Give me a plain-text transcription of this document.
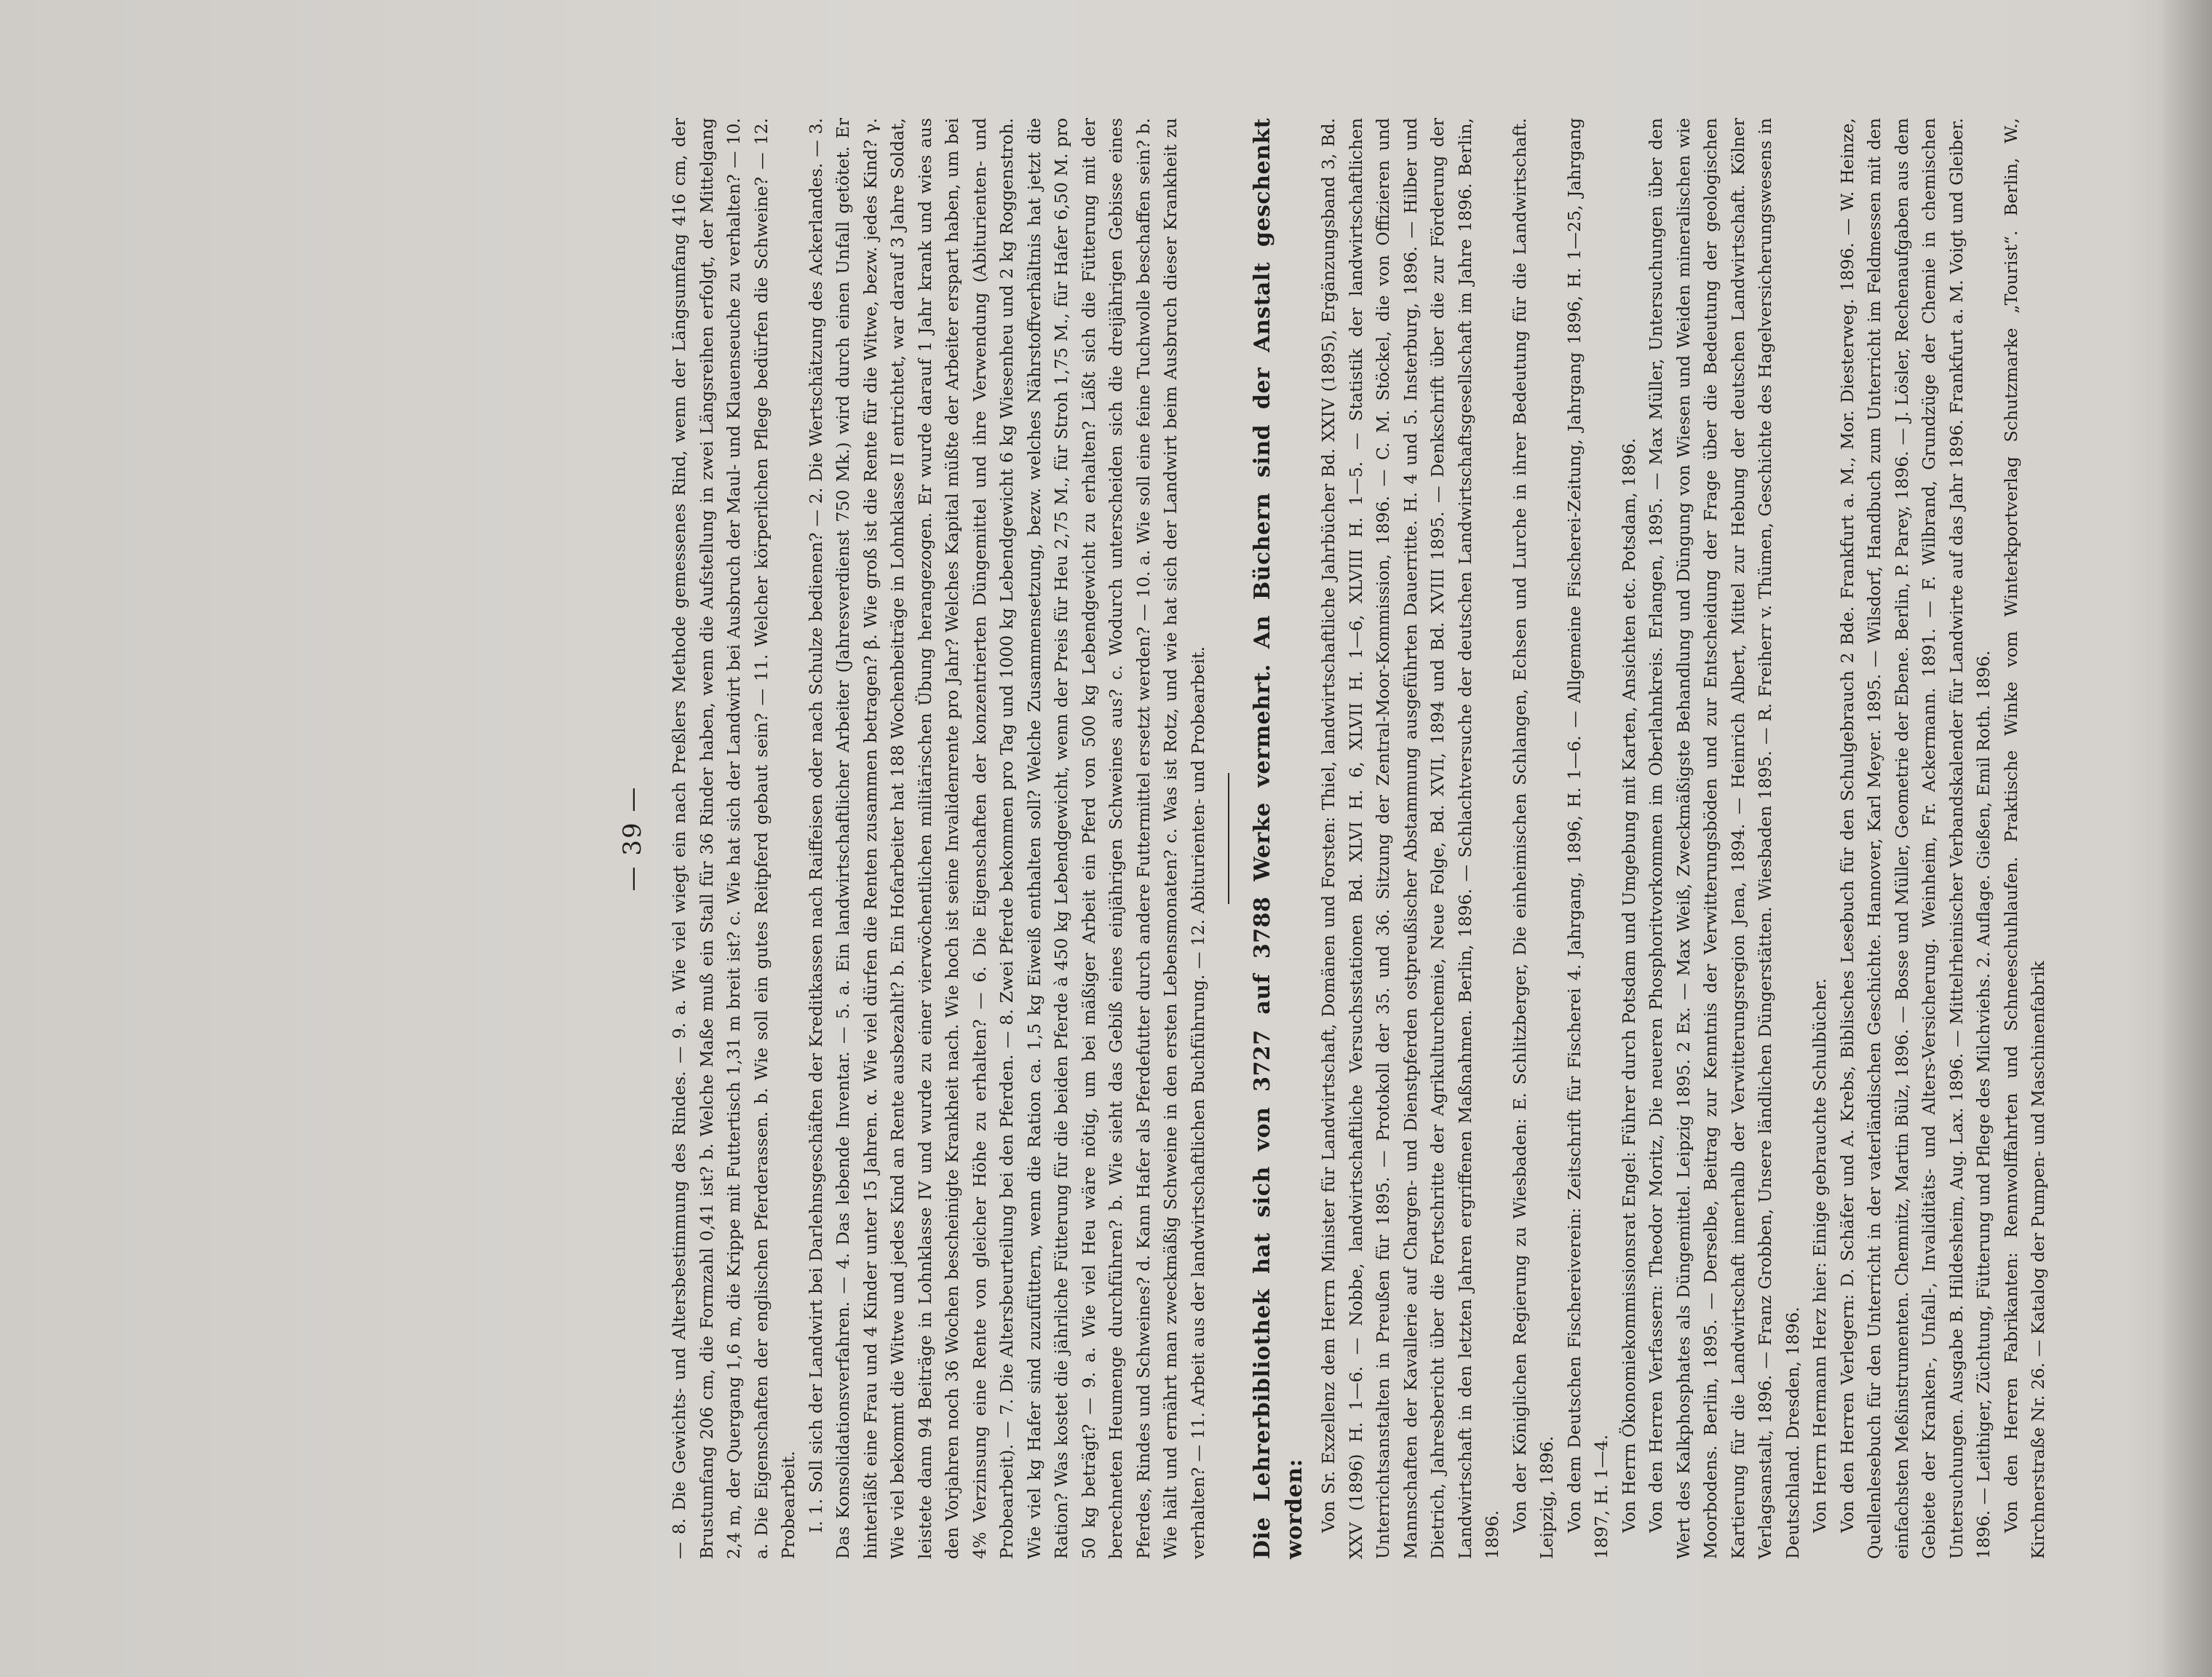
— 39 — — 8. Die Gewichts- und Altersbestimmung des Rindes. — 9. a. Wie viel wiegt ein nach Preßlers Methode gemessenes Rind, wenn der Längsumfang 416 cm, der Brustumfang 206 cm, die Formzahl 0,41 ist? b. Welche Maße muß ein Stall für 36 Rinder haben, wenn die Aufstellung in zwei Längsreihen erfolgt, der Mittelgang 2,4 m, der Quergang 1,6 m, die Krippe mit Futtertisch 1,31 m breit ist? c. Wie hat sich der Landwirt bei Ausbruch der Maul- und Klauenseuche zu verhalten? — 10. a. Die Eigenschaften der englischen Pferderassen. b. Wie soll ein gutes Reitpferd gebaut sein? — 11. Welcher körperlichen Pflege bedürfen die Schweine? — 12. Probearbeit. I. 1. Soll sich der Landwirt bei Darlehnsgeschäften der Kreditkassen nach Raiffeisen oder nach Schulze bedienen? — 2. Die Wertschätzung des Ackerlandes. — 3. Das Konsolidationsverfahren. — 4. Das lebende Inventar. — 5. a. Ein landwirtschaftlicher Arbeiter (Jahresverdienst 750 Mk.) wird durch einen Unfall getötet. Er hinterläßt eine Frau und 4 Kinder unter 15 Jahren. α. Wie viel dürfen die Renten zusammen betragen? β. Wie groß ist die Rente für die Witwe, bezw. jedes Kind? γ. Wie viel bekommt die Witwe und jedes Kind an Rente ausbezahlt? b. Ein Hofarbeiter hat 188 Wochenbeiträge in Lohnklasse II entrichtet, war darauf 3 Jahre Soldat, leistete dann 94 Beiträge in Lohnklasse IV und wurde zu einer vierwöchentlichen militärischen Übung herangezogen. Er wurde darauf 1 Jahr krank und wies aus den Vorjahren noch 36 Wochen bescheinigte Krankheit nach. Wie hoch ist seine Invalidenrente pro Jahr? Welches Kapital müßte der Arbeiter erspart haben, um bei 4% Verzinsung eine Rente von gleicher Höhe zu erhalten? — 6. Die Eigenschaften der konzentrierten Düngemittel und ihre Verwendung (Abiturienten- und Probearbeit). — 7. Die Altersbeurteilung bei den Pferden. — 8. Zwei Pferde bekommen pro Tag und 1000 kg Lebendgewicht 6 kg Wiesenheu und 2 kg Roggenstroh. Wie viel kg Hafer sind zuzufüttern, wenn die Ration ca. 1,5 kg Eiweiß enthalten soll? Welche Zusammensetzung, bezw. welches Nährstoffverhältnis hat jetzt die Ration? Was kostet die jährliche Fütterung für die beiden Pferde à 450 kg Lebendgewicht, wenn der Preis für Heu 2,75 M., für Stroh 1,75 M., für Hafer 6,50 M. pro 50 kg beträgt? — 9. a. Wie viel Heu wäre nötig, um bei mäßiger Arbeit ein Pferd von 500 kg Lebendgewicht zu erhalten? Läßt sich die Fütterung mit der berechneten Heumenge durchführen? b. Wie sieht das Gebiß eines einjährigen Schweines aus? c. Wodurch unterscheiden sich die dreijährigen Gebisse eines Pferdes, Rindes und Schweines? d. Kann Hafer als Pferdefutter durch andere Futtermittel ersetzt werden? — 10. a. Wie soll eine feine Tuchwolle beschaffen sein? b. Wie hält und ernährt man zweckmäßig Schweine in den ersten Lebensmonaten? c. Was ist Rotz, und wie hat sich der Landwirt beim Ausbruch dieser Krankheit zu verhalten? — 11. Arbeit aus der landwirtschaftlichen Buchführung. — 12. Abiturienten- und Probearbeit. Die Lehrerbibliothek hat sich von 3727 auf 3788 Werke vermehrt. An Büchern sind der Anstalt geschenkt worden: Von Sr. Exzellenz dem Herrn Minister für Landwirtschaft, Domänen und Forsten: Thiel, landwirtschaftliche Jahrbücher Bd. XXIV (1895), Ergänzungsband 3, Bd. XXV (1896) H. 1—6. — Nobbe, landwirtschaftliche Versuchsstationen Bd. XLVI H. 6, XLVII H. 1—6, XLVIII H. 1—5. — Statistik der landwirtschaftlichen Unterrichtsanstalten in Preußen für 1895. — Protokoll der 35. und 36. Sitzung der Zentral-Moor-Kommission, 1896. — C. M. Stöckel, die von Offizieren und Mannschaften der Kavallerie auf Chargen- und Dienstpferden ostpreußischer Abstammung ausgeführten Dauerritte. H. 4 und 5. Insterburg, 1896. — Hilber und Dietrich, Jahresbericht über die Fortschritte der Agrikulturchemie, Neue Folge, Bd. XVII, 1894 und Bd. XVIII 1895. — Denkschrift über die zur Förderung der Landwirtschaft in den letzten Jahren ergriffenen Maßnahmen. Berlin, 1896. — Schlachtversuche der deutschen Landwirtschaftsgesellschaft im Jahre 1896. Berlin, 1896.

Von der Königlichen Regierung zu Wiesbaden: E. Schlitzberger, Die einheimischen Schlangen, Echsen und Lurche in ihrer Bedeutung für die Landwirtschaft. Leipzig, 1896. Von dem Deutschen Fischereiverein: Zeitschrift für Fischerei 4. Jahrgang, 1896, H. 1—6. — Allgemeine Fischerei-Zeitung, Jahrgang 1896, H. 1—25, Jahrgang 1897, H. 1—4. Von Herrn Ökonomiekommissionsrat Engel: Führer durch Potsdam und Umgebung mit Karten, Ansichten etc. Potsdam, 1896. Von den Herren Verfassern: Theodor Moritz, Die neueren Phosphoritvorkommen im Oberlahnkreis. Erlangen, 1895. — Max Müller, Untersuchungen über den Wert des Kalkphosphates als Düngemittel. Leipzig 1895. 2 Ex. — Max Weiß, Zweckmäßigste Behandlung und Düngung von Wiesen und Weiden mineralischen wie Moorbodens. Berlin, 1895. — Derselbe, Beitrag zur Kenntnis der Verwitterungsböden und zur Entscheidung der Frage über die Bedeutung der geologischen Kartierung für die Landwirtschaft innerhalb der Verwitterungsregion Jena, 1894. — Heinrich Albert, Mittel zur Hebung der deutschen Landwirtschaft. Kölner Verlagsanstalt, 1896. — Franz Grobben, Unsere ländlichen Düngerstätten. Wiesbaden 1895. — R. Freiherr v. Thümen, Geschichte des Hagelversicherungswesens in Deutschland. Dresden, 1896. Von Herrn Hermann Herz hier: Einige gebrauchte Schulbücher. Von den Herren Verlegern: D. Schäfer und A. Krebs, Biblisches Lesebuch für den Schulgebrauch 2 Bde. Frankfurt a. M., Mor. Diesterweg. 1896. — W. Heinze, Quellenlesebuch für den Unterricht in der vaterländischen Geschichte. Hannover, Karl Meyer. 1895. — Wilsdorf, Handbuch zum Unterricht im Feldmessen mit den einfachsten Meßinstrumenten. Chemnitz, Martin Bülz, 1896. — Bosse und Müller, Geometrie der Ebene. Berlin, P. Parey, 1896. — J. Lösler, Rechenaufgaben aus dem Gebiete der Kranken-, Unfall-, Invaliditäts- und Alters-Versicherung. Weinheim, Fr. Ackermann. 1891. — F. Wilbrand, Grundzüge der Chemie in chemischen Untersuchungen. Ausgabe B. Hildesheim, Aug. Lax. 1896. — Mittelrheinischer Verbandskalender für Landwirte auf das Jahr 1896. Frankfurt a. M. Voigt und Gleiber. 1896. — Leithiger, Züchtung, Fütterung und Pflege des Milchviehs. 2. Auflage. Gießen, Emil Roth. 1896. Von den Herren Fabrikanten: Rennwolffahrten und Schneeschuhlaufen. Praktische Winke vom Winterkportverlag Schutzmarke „Tourist“. Berlin, W., Kirchnerstraße Nr. 26. — Katalog der Pumpen- und Maschinenfabrik
